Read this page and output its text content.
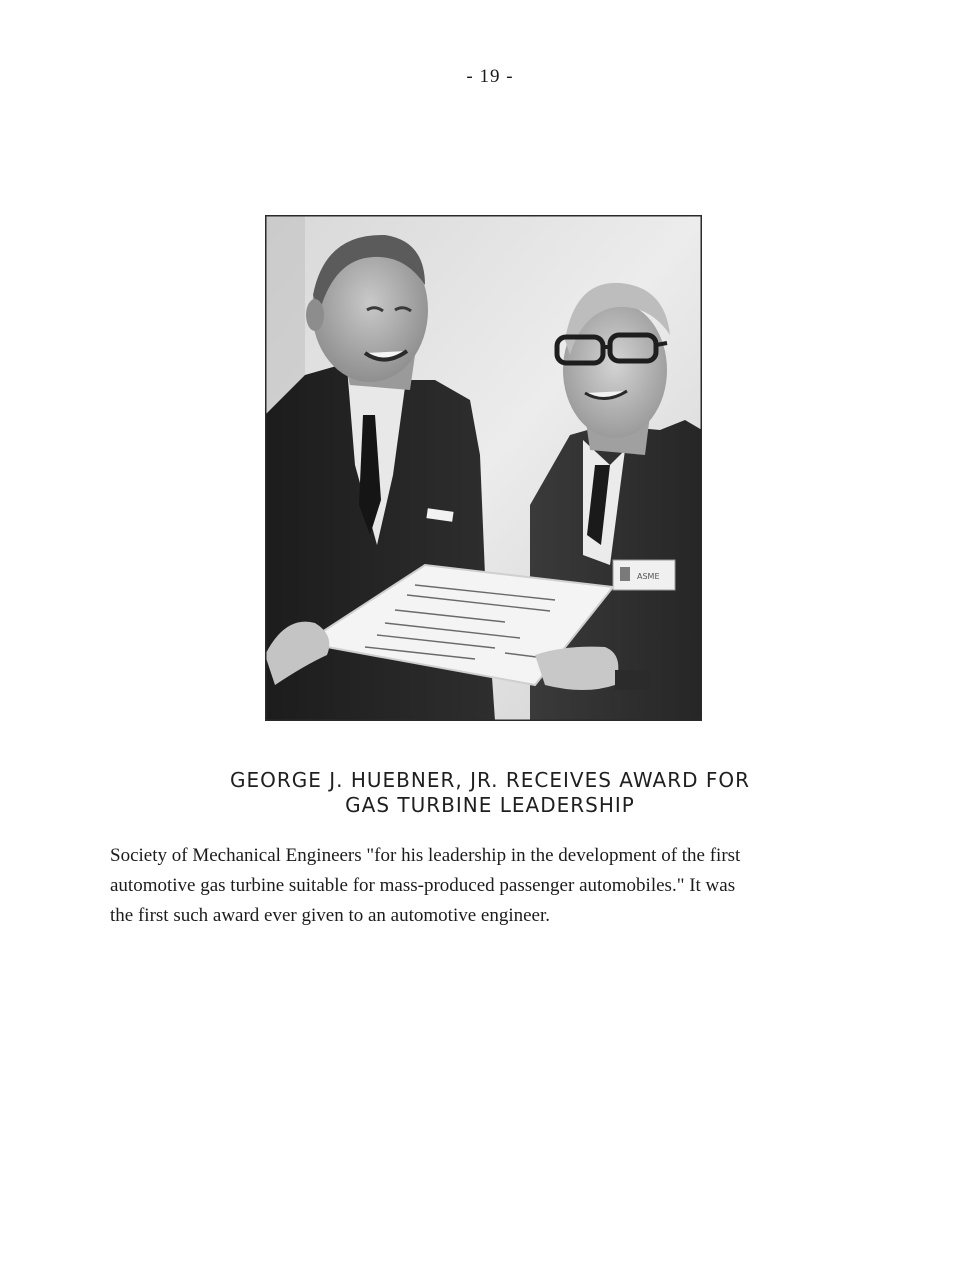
- 19 -
ASME
GEORGE J. HUEBNER, JR. RECEIVES AWARD FOR
GAS TURBINE LEADERSHIP
Society of Mechanical Engineers "for his leadership in the development of the first
automotive gas turbine suitable for mass-produced passenger automobiles." It was
the first such award ever given to an automotive engineer.
